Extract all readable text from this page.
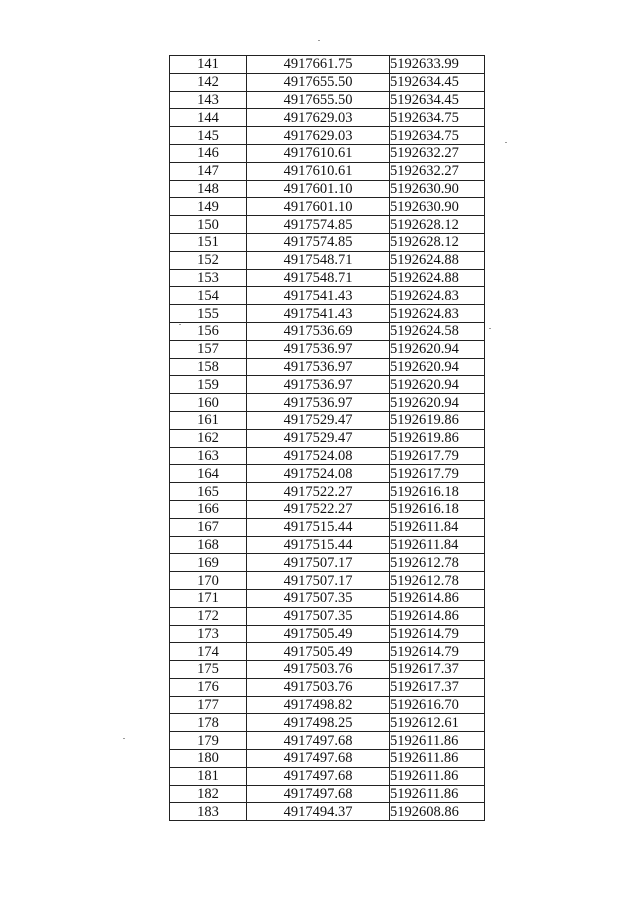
141	4917661.75	5192633.99
142	4917655.50	5192634.45
143	4917655.50	5192634.45
144	4917629.03	5192634.75
145	4917629.03	5192634.75
146	4917610.61	5192632.27
147	4917610.61	5192632.27
148	4917601.10	5192630.90
149	4917601.10	5192630.90
150	4917574.85	5192628.12
151	4917574.85	5192628.12
152	4917548.71	5192624.88
153	4917548.71	5192624.88
154	4917541.43	5192624.83
155	4917541.43	5192624.83
156	4917536.69	5192624.58
157	4917536.97	5192620.94
158	4917536.97	5192620.94
159	4917536.97	5192620.94
160	4917536.97	5192620.94
161	4917529.47	5192619.86
162	4917529.47	5192619.86
163	4917524.08	5192617.79
164	4917524.08	5192617.79
165	4917522.27	5192616.18
166	4917522.27	5192616.18
167	4917515.44	5192611.84
168	4917515.44	5192611.84
169	4917507.17	5192612.78
170	4917507.17	5192612.78
171	4917507.35	5192614.86
172	4917507.35	5192614.86
173	4917505.49	5192614.79
174	4917505.49	5192614.79
175	4917503.76	5192617.37
176	4917503.76	5192617.37
177	4917498.82	5192616.70
178	4917498.25	5192612.61
179	4917497.68	5192611.86
180	4917497.68	5192611.86
181	4917497.68	5192611.86
182	4917497.68	5192611.86
183	4917494.37	5192608.86
